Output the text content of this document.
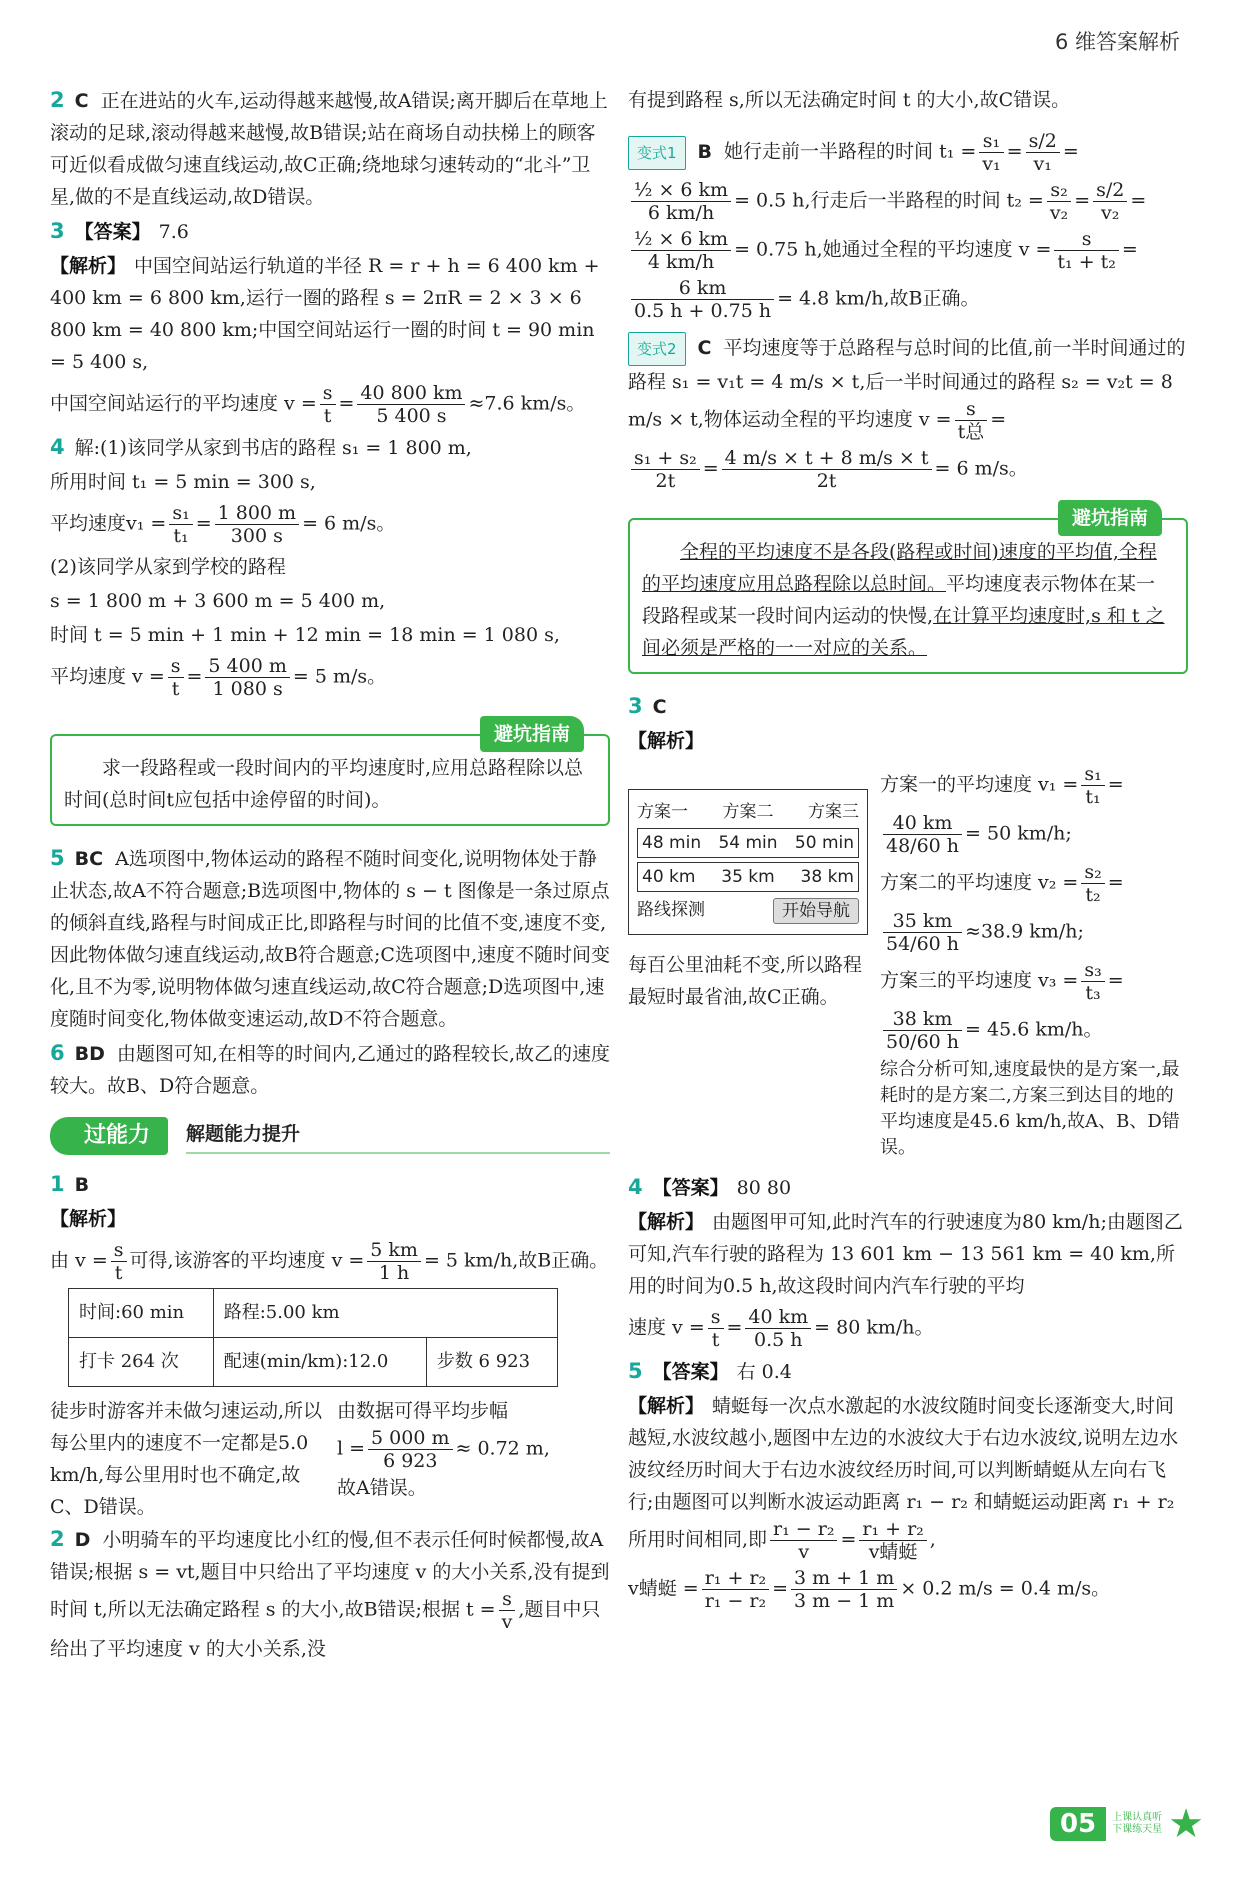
6 维答案解析

2 C 正在进站的火车,运动得越来越慢,故A错误;离开脚后在草地上滚动的足球,滚动得越来越慢,故B错误;站在商场自动扶梯上的顾客可近似看成做匀速直线运动,故C正确;绕地球匀速转动的“北斗”卫星,做的不是直线运动,故D错误。

3 【答案】 7.6

【解析】 中国空间站运行轨道的半径 R = r + h = 6 400 km + 400 km = 6 800 km,运行一圈的路程 s = 2πR = 2 × 3 × 6 800 km = 40 800 km;中国空间站运行一圈的时间 t = 90 min = 5 400 s,

中国空间站运行的平均速度 $v = \frac{s}{t} = \frac{40 800 km}{5 400 s} \approx 7.6$ km/s。

4 解:(1)该同学从家到书店的路程 s₁ = 1 800 m,

所用时间 t₁ = 5 min = 300 s,

平均速度$v_1 = \frac{\text{s₁}}{\text{t₁}} = \frac{1 800 m}{300 s} = 6$ m/s。

(2)该同学从家到学校的路程

s = 1 800 m + 3 600 m = 5 400 m,

时间 t = 5 min + 1 min + 12 min = 18 min = 1 080 s,

平均速度 $v = \frac{s}{t} = \frac{5 400 m}{1 080 s} = 5$ m/s。
避坑指南
求一段路程或一段时间内的平均速度时,应用总路程除以总时间(总时间t应包括中途停留的时间)。

5 BC A选项图中,物体运动的路程不随时间变化,说明物体处于静止状态,故A不符合题意;B选项图中,物体的 s − t 图像是一条过原点的倾斜直线,路程与时间成正比,即路程与时间的比值不变,速度不变,因此物体做匀速直线运动,故B符合题意;C选项图中,速度不随时间变化,且不为零,说明物体做匀速直线运动,故C符合题意;D选项图中,速度随时间变化,物体做变速运动,故D不符合题意。

6 BD 由题图可知,在相等的时间内,乙通过的路程较长,故乙的速度较大。故B、D符合题意。

过能力	解题能力提升

1 B

【解析】

由 $v = \frac{s}{t}$ 可得,该游客的平均速度 $v = \frac{5 km}{1 h} = 5$ km/h,故B正确。
时间:60 min	路程:5.00 km	
打卡 264 次	配速(min/km):12.0	步数 6 923
徒步时游客并未做匀速运动,所以每公里内的速度不一定都是5.0 km/h,每公里用时也不确定,故C、D错误。
由数据可得平均步幅
$l = \frac{5 000 m}{6 923} \approx 0.72$ m,
故A错误。

2 D 小明骑车的平均速度比小红的慢,但不表示任何时候都慢,故A错误;根据 s = vt,题目中只给出了平均速度 v 的大小关系,没有提到时间 t,所以无法确定路程 s 的大小,故B错误;根据 $t = \frac{s}{v}$ ,题目中只给出了平均速度 v 的大小关系,没

有提到路程 s,所以无法确定时间 t 的大小,故C错误。

变式1 B 她行走前一半路程的时间 $t_1 = \frac{\text{s₁}}{\text{v₁}} = \frac{s/2}{\text{v₁}}$ =
$\frac{\text{½ × 6 km}}{6 km/h} = 0.5$ h,行走后一半路程的时间 $t_2 = \frac{\text{s₂}}{\text{v₂}} = \frac{s/2}{\text{v₂}}$ =
$\frac{\text{½ × 6 km}}{4 km/h} = 0.75$ h,她通过全程的平均速度 $v = \frac{s}{\text{t₁ + t₂}}$ =
$\frac{6 km}{0.5 h + 0.75 h} = 4.8$ km/h,故B正确。

变式2 C 平均速度等于总路程与总时间的比值,前一半时间通过的路程 s₁ = v₁t = 4 m/s × t,后一半时间通过的路程 s₂ = v₂t = 8 m/s × t,物体运动全程的平均速度 $v = \frac{s}{\text{t总}}$ =

$\frac{\text{s₁ + s₂}}{2t} = \frac{4 m/s \times t + 8 m/s \times t}{2t} = 6$ m/s。
避坑指南
全程的平均速度不是各段(路程或时间)速度的平均值,全程的平均速度应用总路程除以总时间。平均速度表示物体在某一段路程或某一段时间内运动的快慢,在计算平均速度时,s 和 t 之间必须是严格的一一对应的关系。

3 C

【解析】

方案一 方案二 方案三
48 min 54 min 50 min
40 km 35 km 38 km
路线探测	开始导航
每百公里油耗不变,所以路程最短时最省油,故C正确。
方案一的平均速度 $v_1 = \frac{\text{s₁}}{\text{t₁}}$ =
$\frac{40 km}{48/60 h} = 50$ km/h;
方案二的平均速度 $v_2 = \frac{\text{s₂}}{\text{t₂}}$ =
$\frac{35 km}{54/60 h} \approx 38.9$ km/h;
方案三的平均速度 $v_3 = \frac{\text{s₃}}{\text{t₃}}$ =
$\frac{38 km}{50/60 h} = 45.6$ km/h。
综合分析可知,速度最快的是方案一,最耗时的是方案二,方案三到达目的地的平均速度是45.6 km/h,故A、B、D错误。

4 【答案】 80 80

【解析】 由题图甲可知,此时汽车的行驶速度为80 km/h;由题图乙可知,汽车行驶的路程为 13 601 km − 13 561 km = 40 km,所用的时间为0.5 h,故这段时间内汽车行驶的平均

速度 $v = \frac{s}{t} = \frac{40 km}{0.5 h} = 80$ km/h。

5 【答案】 右 0.4

【解析】 蜻蜓每一次点水激起的水波纹随时间变长逐渐变大,时间越短,水波纹越小,题图中左边的水波纹大于右边水波纹,说明左边水波纹经历时间大于右边水波纹经历时间,可以判断蜻蜓从左向右飞行;由题图可以判断水波运动距离 r₁ − r₂ 和蜻蜓运动距离 r₁ + r₂ 所用时间相同,即 $\frac{\text{r₁ − r₂}}{v} = \frac{\text{r₁ + r₂}}{\text{v蜻蜓}}$ ,

v蜻蜓 = $\frac{\text{r₁ + r₂}}{\text{r₁ − r₂}} = \frac{3 m + 1 m}{3 m - 1 m} \times 0.2$ m/s = 0.4 m/s。
05	上课认真听
下课练天星 ★
